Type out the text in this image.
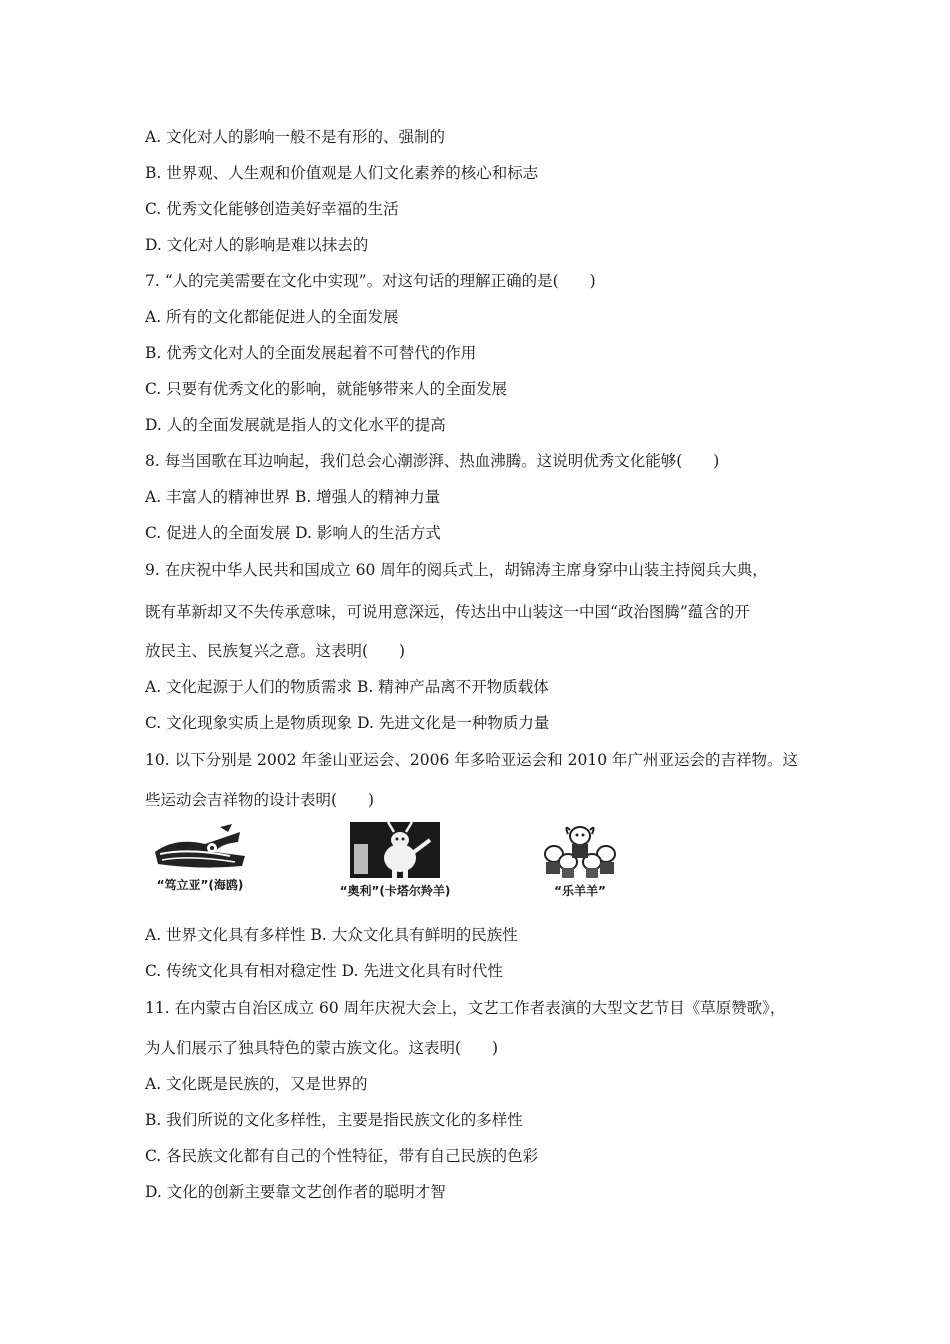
A. 文化对人的影响一般不是有形的、强制的
B. 世界观、人生观和价值观是人们文化素养的核心和标志
C. 优秀文化能够创造美好幸福的生活
D. 文化对人的影响是难以抹去的
7. “人的完美需要在文化中实现”。对这句话的理解正确的是(　　)
A. 所有的文化都能促进人的全面发展
B. 优秀文化对人的全面发展起着不可替代的作用
C. 只要有优秀文化的影响，就能够带来人的全面发展
D. 人的全面发展就是指人的文化水平的提高
8. 每当国歌在耳边响起，我们总会心潮澎湃、热血沸腾。这说明优秀文化能够(　　)
A. 丰富人的精神世界 B. 增强人的精神力量
C. 促进人的全面发展 D. 影响人的生活方式
9. 在庆祝中华人民共和国成立 60 周年的阅兵式上，胡锦涛主席身穿中山装主持阅兵大典，
既有革新却又不失传承意味，可说用意深远，传达出中山装这一中国“政治图腾”蕴含的开
放民主、民族复兴之意。这表明(　　)
A. 文化起源于人们的物质需求 B. 精神产品离不开物质载体
C. 文化现象实质上是物质现象 D. 先进文化是一种物质力量
10. 以下分别是 2002 年釜山亚运会、2006 年多哈亚运会和 2010 年广州亚运会的吉祥物。这
些运动会吉祥物的设计表明(　　)
“笃立亚”(海鸥)	“奥利”(卡塔尔羚羊)	“乐羊羊”
A. 世界文化具有多样性 B. 大众文化具有鲜明的民族性
C. 传统文化具有相对稳定性 D. 先进文化具有时代性
11. 在内蒙古自治区成立 60 周年庆祝大会上，文艺工作者表演的大型文艺节目《草原赞歌》，
为人们展示了独具特色的蒙古族文化。这表明(　　)
A. 文化既是民族的，又是世界的
B. 我们所说的文化多样性，主要是指民族文化的多样性
C. 各民族文化都有自己的个性特征，带有自己民族的色彩
D. 文化的创新主要靠文艺创作者的聪明才智
